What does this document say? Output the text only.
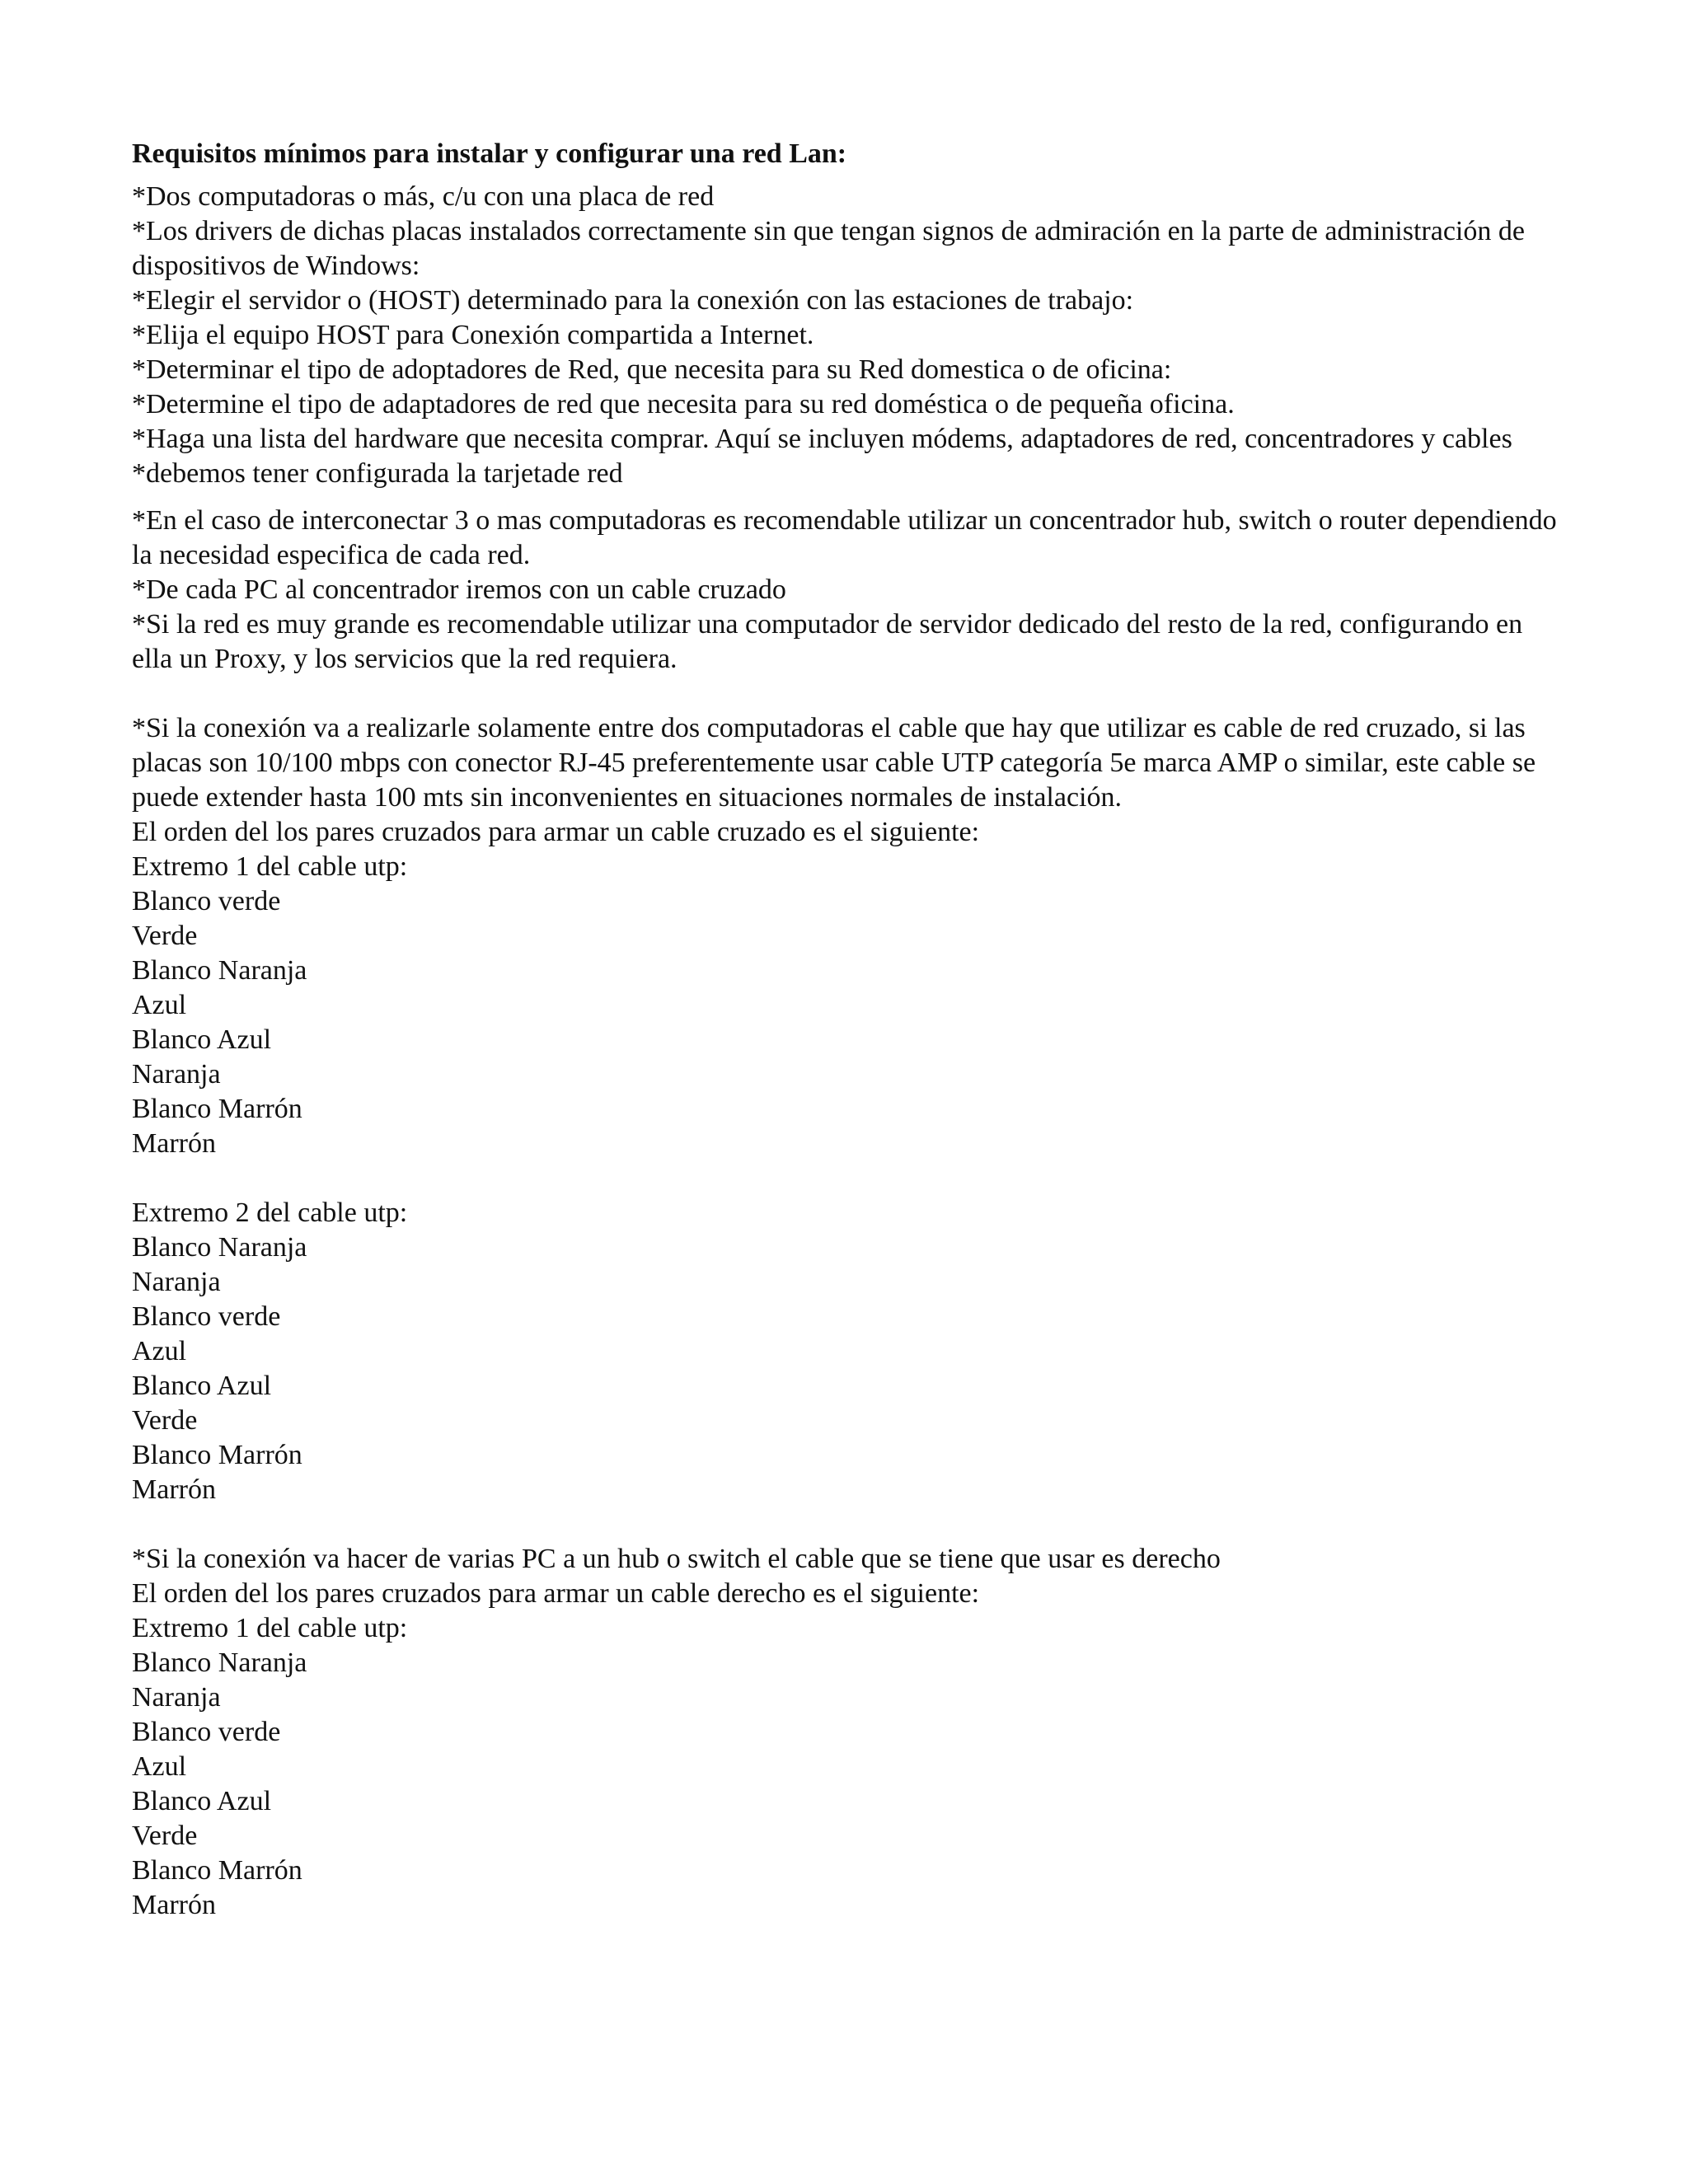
Requisitos mínimos para instalar y configurar una red Lan:
*Dos computadoras o más, c/u con una placa de red
*Los drivers de dichas placas instalados correctamente sin que tengan signos de admiración en la parte de administración de dispositivos de Windows:
*Elegir el servidor o (HOST) determinado para la conexión con las estaciones de trabajo:
*Elija el equipo HOST para Conexión compartida a Internet.
*Determinar el tipo de adoptadores de Red, que necesita para su Red domestica o de oficina:
*Determine el tipo de adaptadores de red que necesita para su red doméstica o de pequeña oficina.
*Haga una lista del hardware que necesita comprar. Aquí se incluyen módems, adaptadores de red, concentradores y cables
*debemos tener configurada la tarjetade red
*En el caso de interconectar 3 o mas computadoras es recomendable utilizar un concentrador hub, switch o router dependiendo la necesidad especifica de cada red.
*De cada PC al concentrador iremos con un cable cruzado
*Si la red es muy grande es recomendable utilizar una computador de servidor dedicado del resto de la red, configurando en ella un Proxy, y los servicios que la red requiera.
*Si la conexión va a realizarle solamente entre dos computadoras el cable que hay que utilizar es cable de red cruzado, si las placas son 10/100 mbps con conector RJ-45 preferentemente usar cable UTP categoría 5e marca AMP o similar, este cable se puede extender hasta 100 mts sin inconvenientes en situaciones normales de instalación.
El orden del los pares cruzados para armar un cable cruzado es el siguiente:
Extremo 1 del cable utp:
Blanco verde
Verde
Blanco Naranja
Azul
Blanco Azul
Naranja
Blanco Marrón
Marrón
Extremo 2 del cable utp:
Blanco Naranja
Naranja
Blanco verde
Azul
Blanco Azul
Verde
Blanco Marrón
Marrón
*Si la conexión va hacer de varias PC a un hub o switch el cable que se tiene que usar es derecho
El orden del los pares cruzados para armar un cable derecho es el siguiente:
Extremo 1 del cable utp:
Blanco Naranja
Naranja
Blanco verde
Azul
Blanco Azul
Verde
Blanco Marrón
Marrón
